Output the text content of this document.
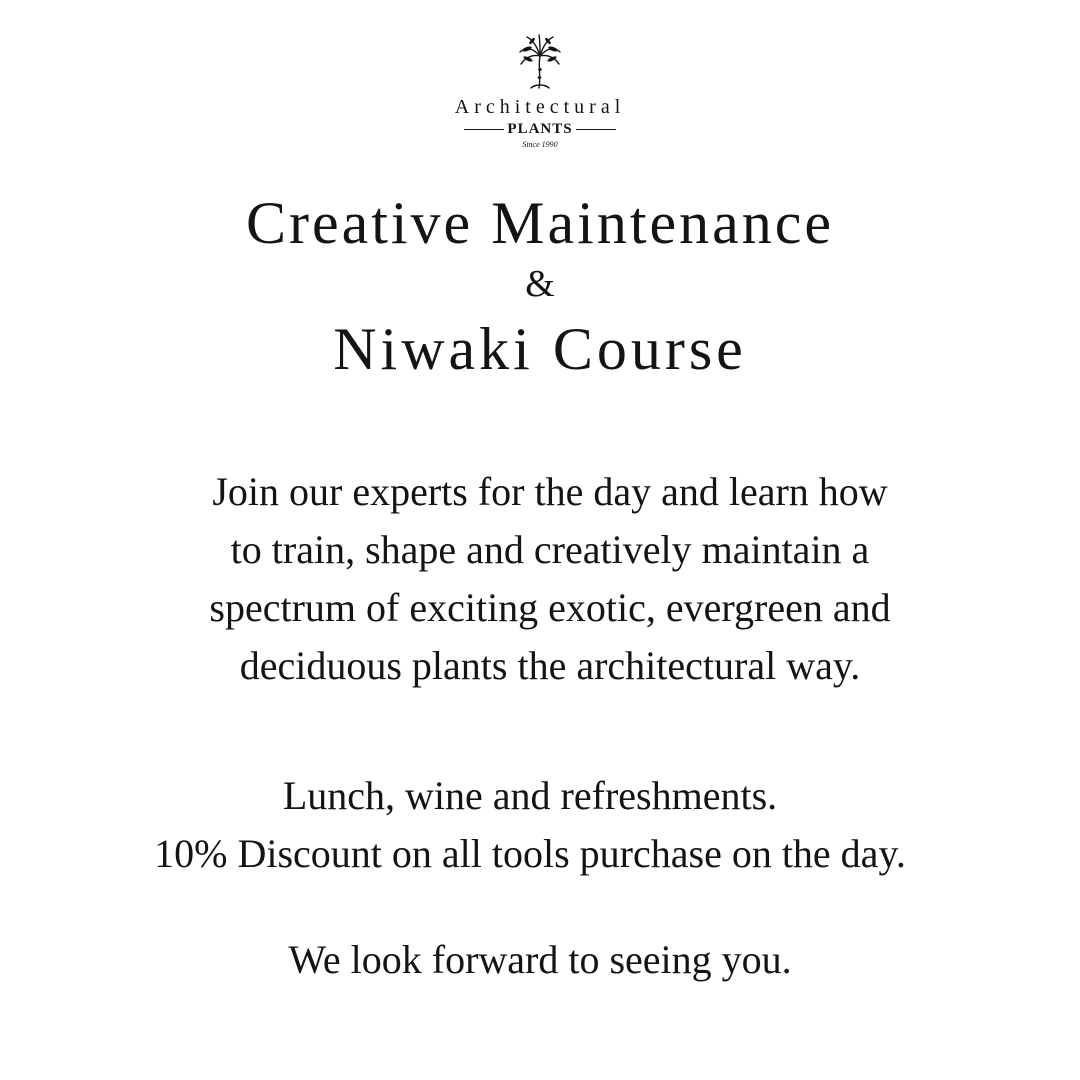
Architectural
PLANTS
Since 1990
Creative Maintenance
&
Niwaki Course
Join our experts for the day and learn how
to train, shape and creatively maintain a
spectrum of exciting exotic, evergreen and
deciduous plants the architectural way.
Lunch, wine and refreshments.
10% Discount on all tools purchase on the day.
We look forward to seeing you.
